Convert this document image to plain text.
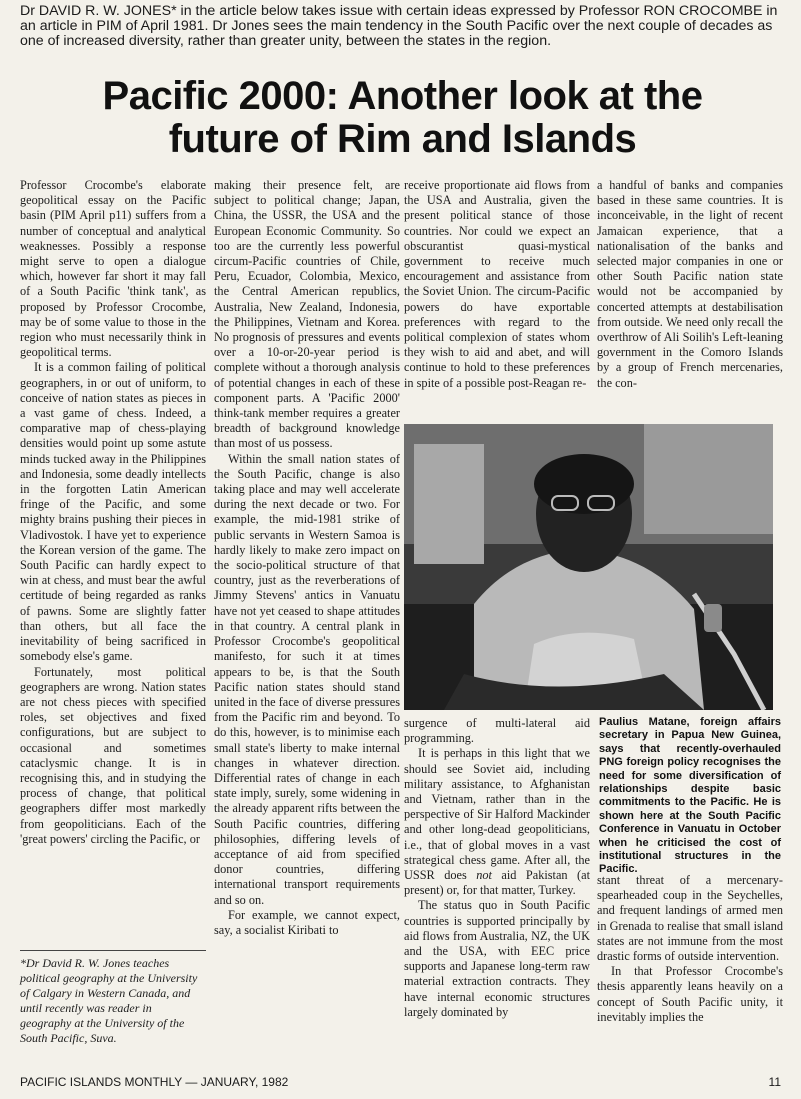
Dr DAVID R. W. JONES* in the article below takes issue with certain ideas expressed by Professor RON CROCOMBE in an article in PIM of April 1981. Dr Jones sees the main tendency in the South Pacific over the next couple of decades as one of increased diversity, rather than greater unity, between the states in the region.
Pacific 2000: Another look at the
future of Rim and Islands

Professor Crocombe's elaborate geopolitical essay on the Pacific basin (PIM April p11) suffers from a number of conceptual and analytical weaknesses. Possibly a response might serve to open a dialogue which, however far short it may fall of a South Pacific 'think tank', as proposed by Professor Crocombe, may be of some value to those in the region who must necessarily think in geopolitical terms.

It is a common failing of political geographers, in or out of uniform, to conceive of nation states as pieces in a vast game of chess. Indeed, a comparative map of chess-playing densities would point up some astute minds tucked away in the Philippines and Indonesia, some deadly intellects in the forgotten Latin American fringe of the Pacific, and some mighty brains pushing their pieces in Vladivostok. I have yet to experience the Korean version of the game. The South Pacific can hardly expect to win at chess, and must bear the awful certitude of being regarded as ranks of pawns. Some are slightly fatter than others, but all face the inevitability of being sacrificed in somebody else's game.

Fortunately, most political geographers are wrong. Nation states are not chess pieces with specified roles, set objectives and fixed configurations, but are subject to occasional and sometimes cataclysmic change. It is in recognising this, and in studying the process of change, that political geographers differ most markedly from geopoliticians. Each of the 'great powers' circling the Pacific, or

*Dr David R. W. Jones teaches political geography at the University of Calgary in Western Canada, and until recently was reader in geography at the University of the South Pacific, Suva.

making their presence felt, are subject to political change; Japan, China, the USSR, the USA and the European Economic Community. So too are the currently less powerful circum-Pacific countries of Chile, Peru, Ecuador, Colombia, Mexico, the Central American republics, Australia, New Zealand, Indonesia, the Philippines, Vietnam and Korea. No prognosis of pressures and events over a 10-or-20-year period is complete without a thorough analysis of potential changes in each of these component parts. A 'Pacific 2000' think-tank member requires a greater breadth of background knowledge than most of us possess.

Within the small nation states of the South Pacific, change is also taking place and may well accelerate during the next decade or two. For example, the mid-1981 strike of public servants in Western Samoa is hardly likely to make zero impact on the socio-political structure of that country, just as the reverberations of Jimmy Stevens' antics in Vanuatu have not yet ceased to shape attitudes in that country. A central plank in Professor Crocombe's geopolitical manifesto, for such it at times appears to be, is that the South Pacific nation states should stand united in the face of diverse pressures from the Pacific rim and beyond. To do this, however, is to minimise each small state's liberty to make internal changes in whatever direction. Differential rates of change in each state imply, surely, some widening in the already apparent rifts between the South Pacific countries, differing philosophies, differing levels of acceptance of aid from specified donor countries, differing international transport requirements and so on.

For example, we cannot expect, say, a socialist Kiribati to

receive proportionate aid flows from the USA and Australia, given the present political stance of those countries. Nor could we expect an obscurantist quasi-mystical government to receive much encouragement and assistance from the Soviet Union. The circum-Pacific powers do have exportable preferences with regard to the political complexion of states whom they wish to aid and abet, and will continue to hold to these preferences in spite of a possible post-Reagan re-

a handful of banks and companies based in these same countries. It is inconceivable, in the light of recent Jamaican experience, that a nationalisation of the banks and selected major companies in one or other South Pacific nation state would not be accompanied by concerted attempts at destabilisation from outside. We need only recall the overthrow of Ali Soilih's Left-leaning government in the Comoro Islands by a group of French mercenaries, the con-

surgence of multi-lateral aid programming.

It is perhaps in this light that we should see Soviet aid, including military assistance, to Afghanistan and Vietnam, rather than in the perspective of Sir Halford Mackinder and other long-dead geopoliticians, i.e., that of global moves in a vast strategical chess game. After all, the USSR does not aid Pakistan (at present) or, for that matter, Turkey.

The status quo in South Pacific countries is supported principally by aid flows from Australia, NZ, the UK and the USA, with EEC price supports and Japanese long-term raw material extraction contracts. They have internal economic structures largely dominated by

Paulius Matane, foreign affairs secretary in Papua New Guinea, says that recently-overhauled PNG foreign policy recognises the need for some diversification of relationships despite basic commitments to the Pacific. He is shown here at the South Pacific Conference in Vanuatu in October when he criticised the cost of institutional structures in the Pacific.

stant threat of a mercenary-spearheaded coup in the Seychelles, and frequent landings of armed men in Grenada to realise that small island states are not immune from the most drastic forms of outside intervention.

In that Professor Crocombe's thesis apparently leans heavily on a concept of South Pacific unity, it inevitably implies the

PACIFIC ISLANDS MONTHLY — JANUARY, 1982	11
